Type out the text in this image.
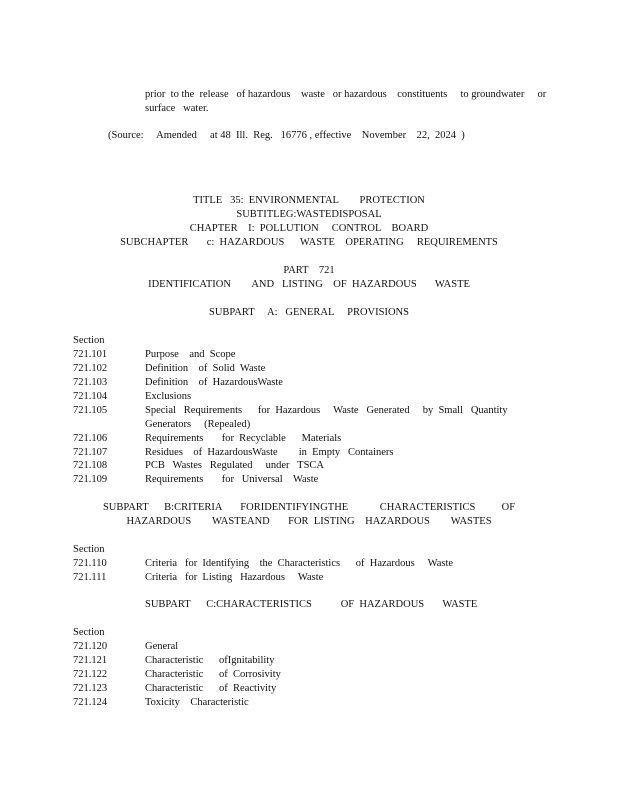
prior  to the  release   of hazardous    waste   or hazardous    constituents     to groundwater     or
surface   water.
(Source:     Amended     at 48  Ill.  Reg.   16776 , effective    November    22,  2024  )
TITLE   35:  ENVIRONMENTAL        PROTECTION
SUBTITLEG:WASTEDISPOSAL
CHAPTER    I:  POLLUTION     CONTROL    BOARD
SUBCHAPTER       c:  HAZARDOUS      WASTE    OPERATING     REQUIREMENTS
PART    721
IDENTIFICATION        AND   LISTING    OF  HAZARDOUS       WASTE
SUBPART     A:   GENERAL     PROVISIONS
Section
721.101	Purpose    and  Scope
721.102	Definition    of  Solid  Waste
721.103	Definition    of  HazardousWaste
721.104	Exclusions
721.105	Special   Requirements      for  Hazardous     Waste   Generated     by  Small   Quantity
Generators     (Repealed)
721.106	Requirements       for  Recyclable      Materials
721.107	Residues    of  HazardousWaste        in  Empty   Containers
721.108	PCB   Wastes   Regulated     under   TSCA
721.109	Requirements       for   Universal    Waste
SUBPART      B:CRITERIA       FORIDENTIFYINGTHE            CHARACTERISTICS          OF
HAZARDOUS        WASTEAND       FOR  LISTING    HAZARDOUS        WASTES
Section
721.110	Criteria   for  Identifying    the  Characteristics      of  Hazardous     Waste
721.111	Criteria   for  Listing   Hazardous     Waste
SUBPART      C:CHARACTERISTICS           OF  HAZARDOUS       WASTE
Section
721.120	General
721.121	Characteristic      ofIgnitability
721.122	Characteristic      of  Corrosivity
721.123	Characteristic      of  Reactivity
721.124	Toxicity    Characteristic
